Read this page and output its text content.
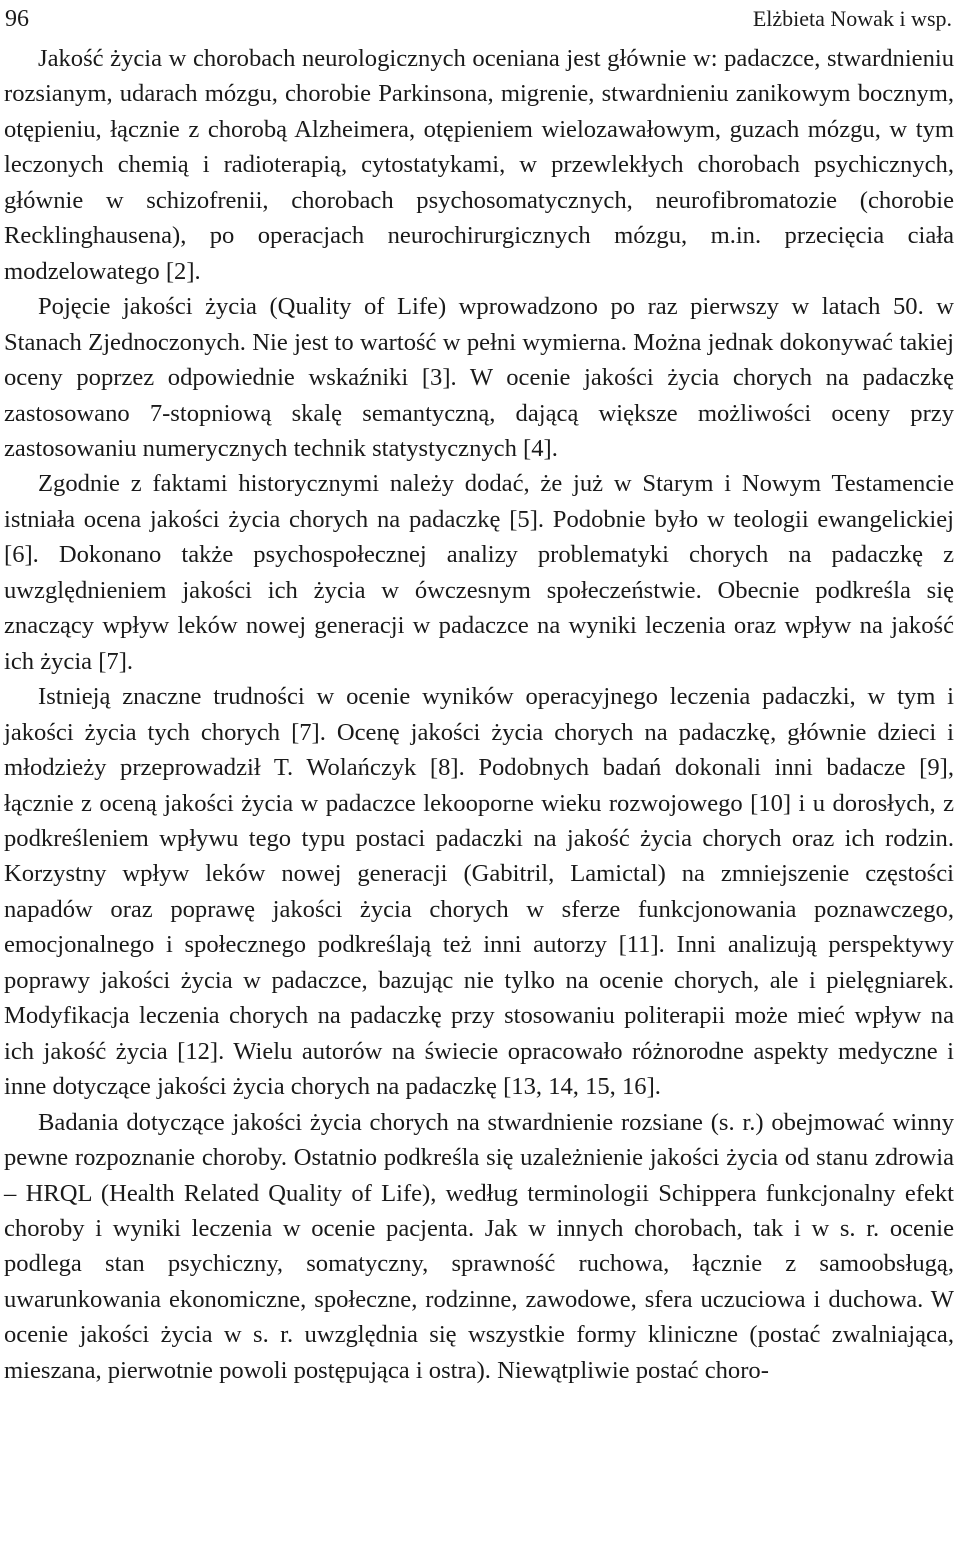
96	Elżbieta Nowak i wsp.

Jakość życia w chorobach neurologicznych oceniana jest głównie w: padaczce, stwardnieniu rozsianym, udarach mózgu, chorobie Parkinsona, migrenie, stwardnieniu zanikowym bocznym, otępieniu, łącznie z chorobą Alzheimera, otępieniem wielozawałowym, guzach mózgu, w tym leczonych chemią i radioterapią, cytostatykami, w przewlekłych chorobach psychicznych, głównie w schizofrenii, chorobach psychosomatycznych, neurofibromatozie (chorobie Recklinghausena), po operacjach neurochirurgicznych mózgu, m.in. przecięcia ciała modzelowatego [2].

Pojęcie jakości życia (Quality of Life) wprowadzono po raz pierwszy w latach 50. w Stanach Zjednoczonych. Nie jest to wartość w pełni wymierna. Można jednak dokonywać takiej oceny poprzez odpowiednie wskaźniki [3]. W ocenie jakości życia chorych na padaczkę zastosowano 7-stopniową skalę semantyczną, dającą większe możliwości oceny przy zastosowaniu numerycznych technik statystycznych [4].

Zgodnie z faktami historycznymi należy dodać, że już w Starym i Nowym Testamencie istniała ocena jakości życia chorych na padaczkę [5]. Podobnie było w teologii ewangelickiej [6]. Dokonano także psychospołecznej analizy problematyki chorych na padaczkę z uwzględnieniem jakości ich życia w ówczesnym społeczeństwie. Obecnie podkreśla się znaczący wpływ leków nowej generacji w padaczce na wyniki leczenia oraz wpływ na jakość ich życia [7].

Istnieją znaczne trudności w ocenie wyników operacyjnego leczenia padaczki, w tym i jakości życia tych chorych [7]. Ocenę jakości życia chorych na padaczkę, głównie dzieci i młodzieży przeprowadził T. Wolańczyk [8]. Podobnych badań dokonali inni badacze [9], łącznie z oceną jakości życia w padaczce lekooporne wieku rozwojowego [10] i u dorosłych, z podkreśleniem wpływu tego typu postaci padaczki na jakość życia chorych oraz ich rodzin. Korzystny wpływ leków nowej generacji (Gabitril, Lamictal) na zmniejszenie częstości napadów oraz poprawę jakości życia chorych w sferze funkcjonowania poznawczego, emocjonalnego i społecznego podkreślają też inni autorzy [11]. Inni analizują perspektywy poprawy jakości życia w padaczce, bazując nie tylko na ocenie chorych, ale i pielęgniarek. Modyfikacja leczenia chorych na padaczkę przy stosowaniu politerapii może mieć wpływ na ich jakość życia [12]. Wielu autorów na świecie opracowało różnorodne aspekty medyczne i inne dotyczące jakości życia chorych na padaczkę [13, 14, 15, 16].

Badania dotyczące jakości życia chorych na stwardnienie rozsiane (s. r.) obejmować winny pewne rozpoznanie choroby. Ostatnio podkreśla się uzależnienie jakości życia od stanu zdrowia – HRQL (Health Related Quality of Life), według terminologii Schippera funkcjonalny efekt choroby i wyniki leczenia w ocenie pacjenta. Jak w innych chorobach, tak i w s. r. ocenie podlega stan psychiczny, somatyczny, sprawność ruchowa, łącznie z samoobsługą, uwarunkowania ekonomiczne, społeczne, rodzinne, zawodowe, sfera uczuciowa i duchowa. W ocenie jakości życia w s. r. uwzględnia się wszystkie formy kliniczne (postać zwalniająca, mieszana, pierwotnie powoli postępująca i ostra). Niewątpliwie postać choro-
